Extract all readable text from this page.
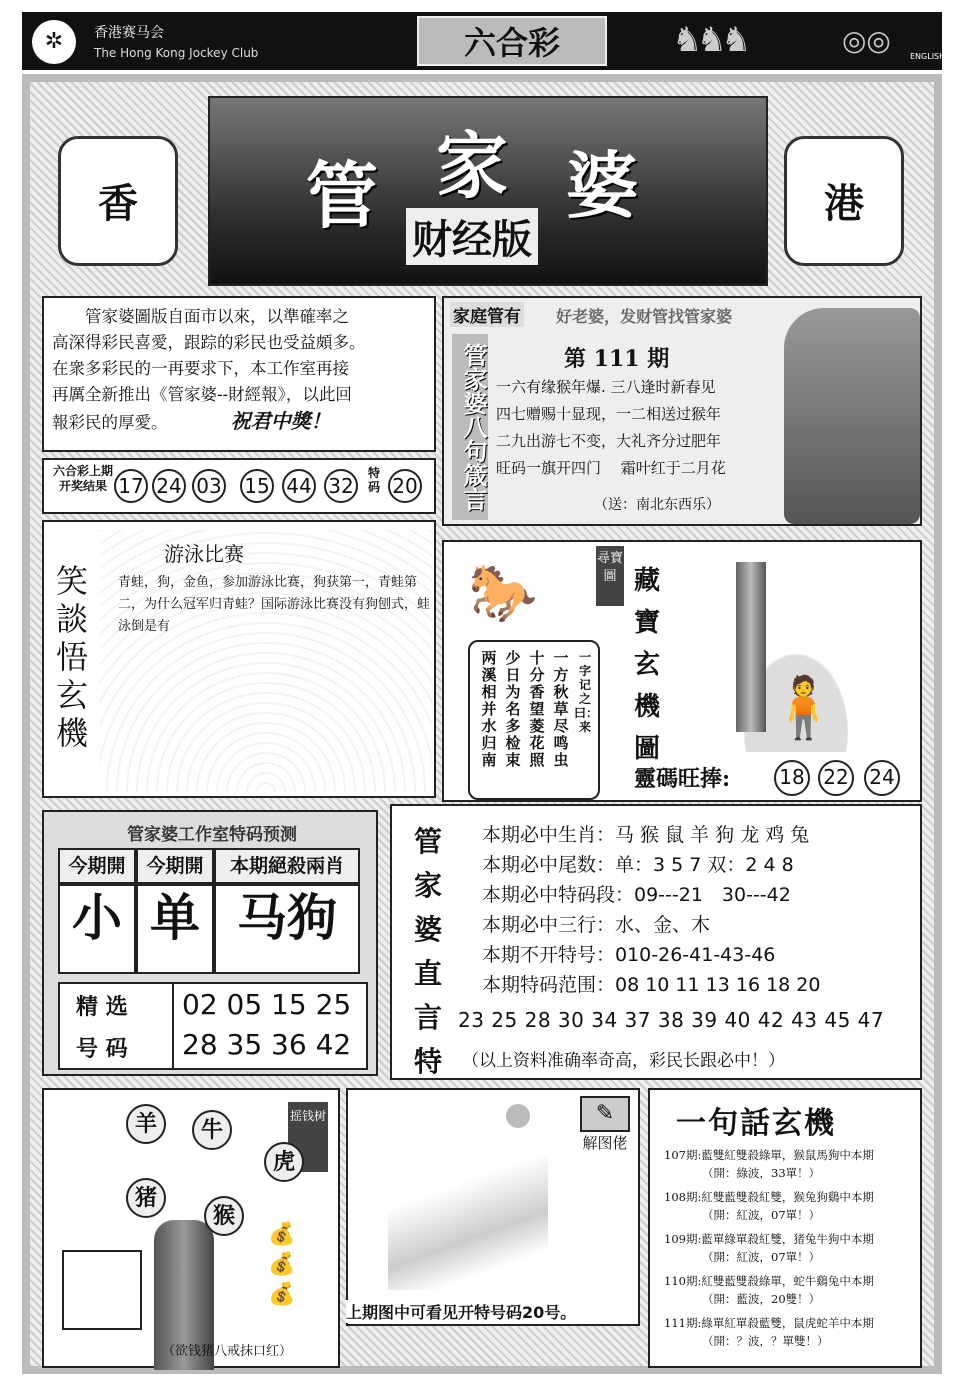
✲	香港赛马会
The Hong Kong Jockey Club	六合彩	♞♞♞	◎◎ ENGLISH
香	管 家 婆
财经版
港
管家婆圖版自面市以來，以準確率之
高深得彩民喜愛，跟踪的彩民也受益頗多。
在衆多彩民的一再要求下，本工作室再接
再厲全新推出《管家婆--財經報》，以此回
報彩民的厚愛。	祝君中獎！
六合彩上期开奖结果 17 24 03 15 44 32
特码 20
家庭管有 好老婆，发财管找管家婆
管家婆八句箴言	第 111 期
一六有缘猴年爆. 三八逢时新春见
四七赠赐十显现，一二相送过猴年
二九出游七不变，大礼齐分过肥年
旺码一旗开四门　 霜叶红于二月花
（送：南北东西乐）
笑談悟玄機
游泳比赛
青蛙，狗，金鱼，参加游泳比赛，狗获第一，青蛙第二，为什么冠军归青蛙？国际游泳比赛没有狗刨式，蛙泳倒是有
🐎
尋寶圖
一字记之曰：来
一方秋草尽鸣虫
十分香望菱花照
少日为名多检束
两溪相并水归南
藏寶玄機圖
🧍
靈碼旺捧: 18 22 24
管家婆工作室特码预测
今期開	今期開	本期絕殺兩肖
小 单 马狗
精 选
号 码
02 05 15 25
28 35 36 42
管家婆直言特
本期必中生肖：马 猴 鼠 羊 狗 龙 鸡 兔
本期必中尾数：单：3 5 7 双：2 4 8
本期必中特码段：09---21　30---42
本期必中三行：水、金、木
本期不开特号：010-26-41-43-46
本期特码范围：08 10 11 13 16 18 20
23 25 28 30 34 37 38 39 40 42 43 45 47
（以上资料准确率奇高，彩民长跟必中！）
摇钱树
羊	牛
虎
猪
猴
💰
💰
💰
（欲钱猪八戒抹口红）
✎
解图佬
上期图中可看见开特号码20号。
一句話玄機
107期:藍雙紅雙殺綠單，猴鼠馬狗中本期
（開：綠波，33單！）
108期:紅雙藍雙殺紅雙，猴兔狗鷄中本期
（開：紅波，07單！）
109期:藍單綠單殺紅雙，猪兔牛狗中本期
（開：紅波，07單！）
110期:紅雙藍雙殺綠單，蛇牛鷄兔中本期
（開：藍波，20雙！）
111期:綠單紅單殺藍雙，鼠虎蛇羊中本期
（開：？波，？單雙！）
